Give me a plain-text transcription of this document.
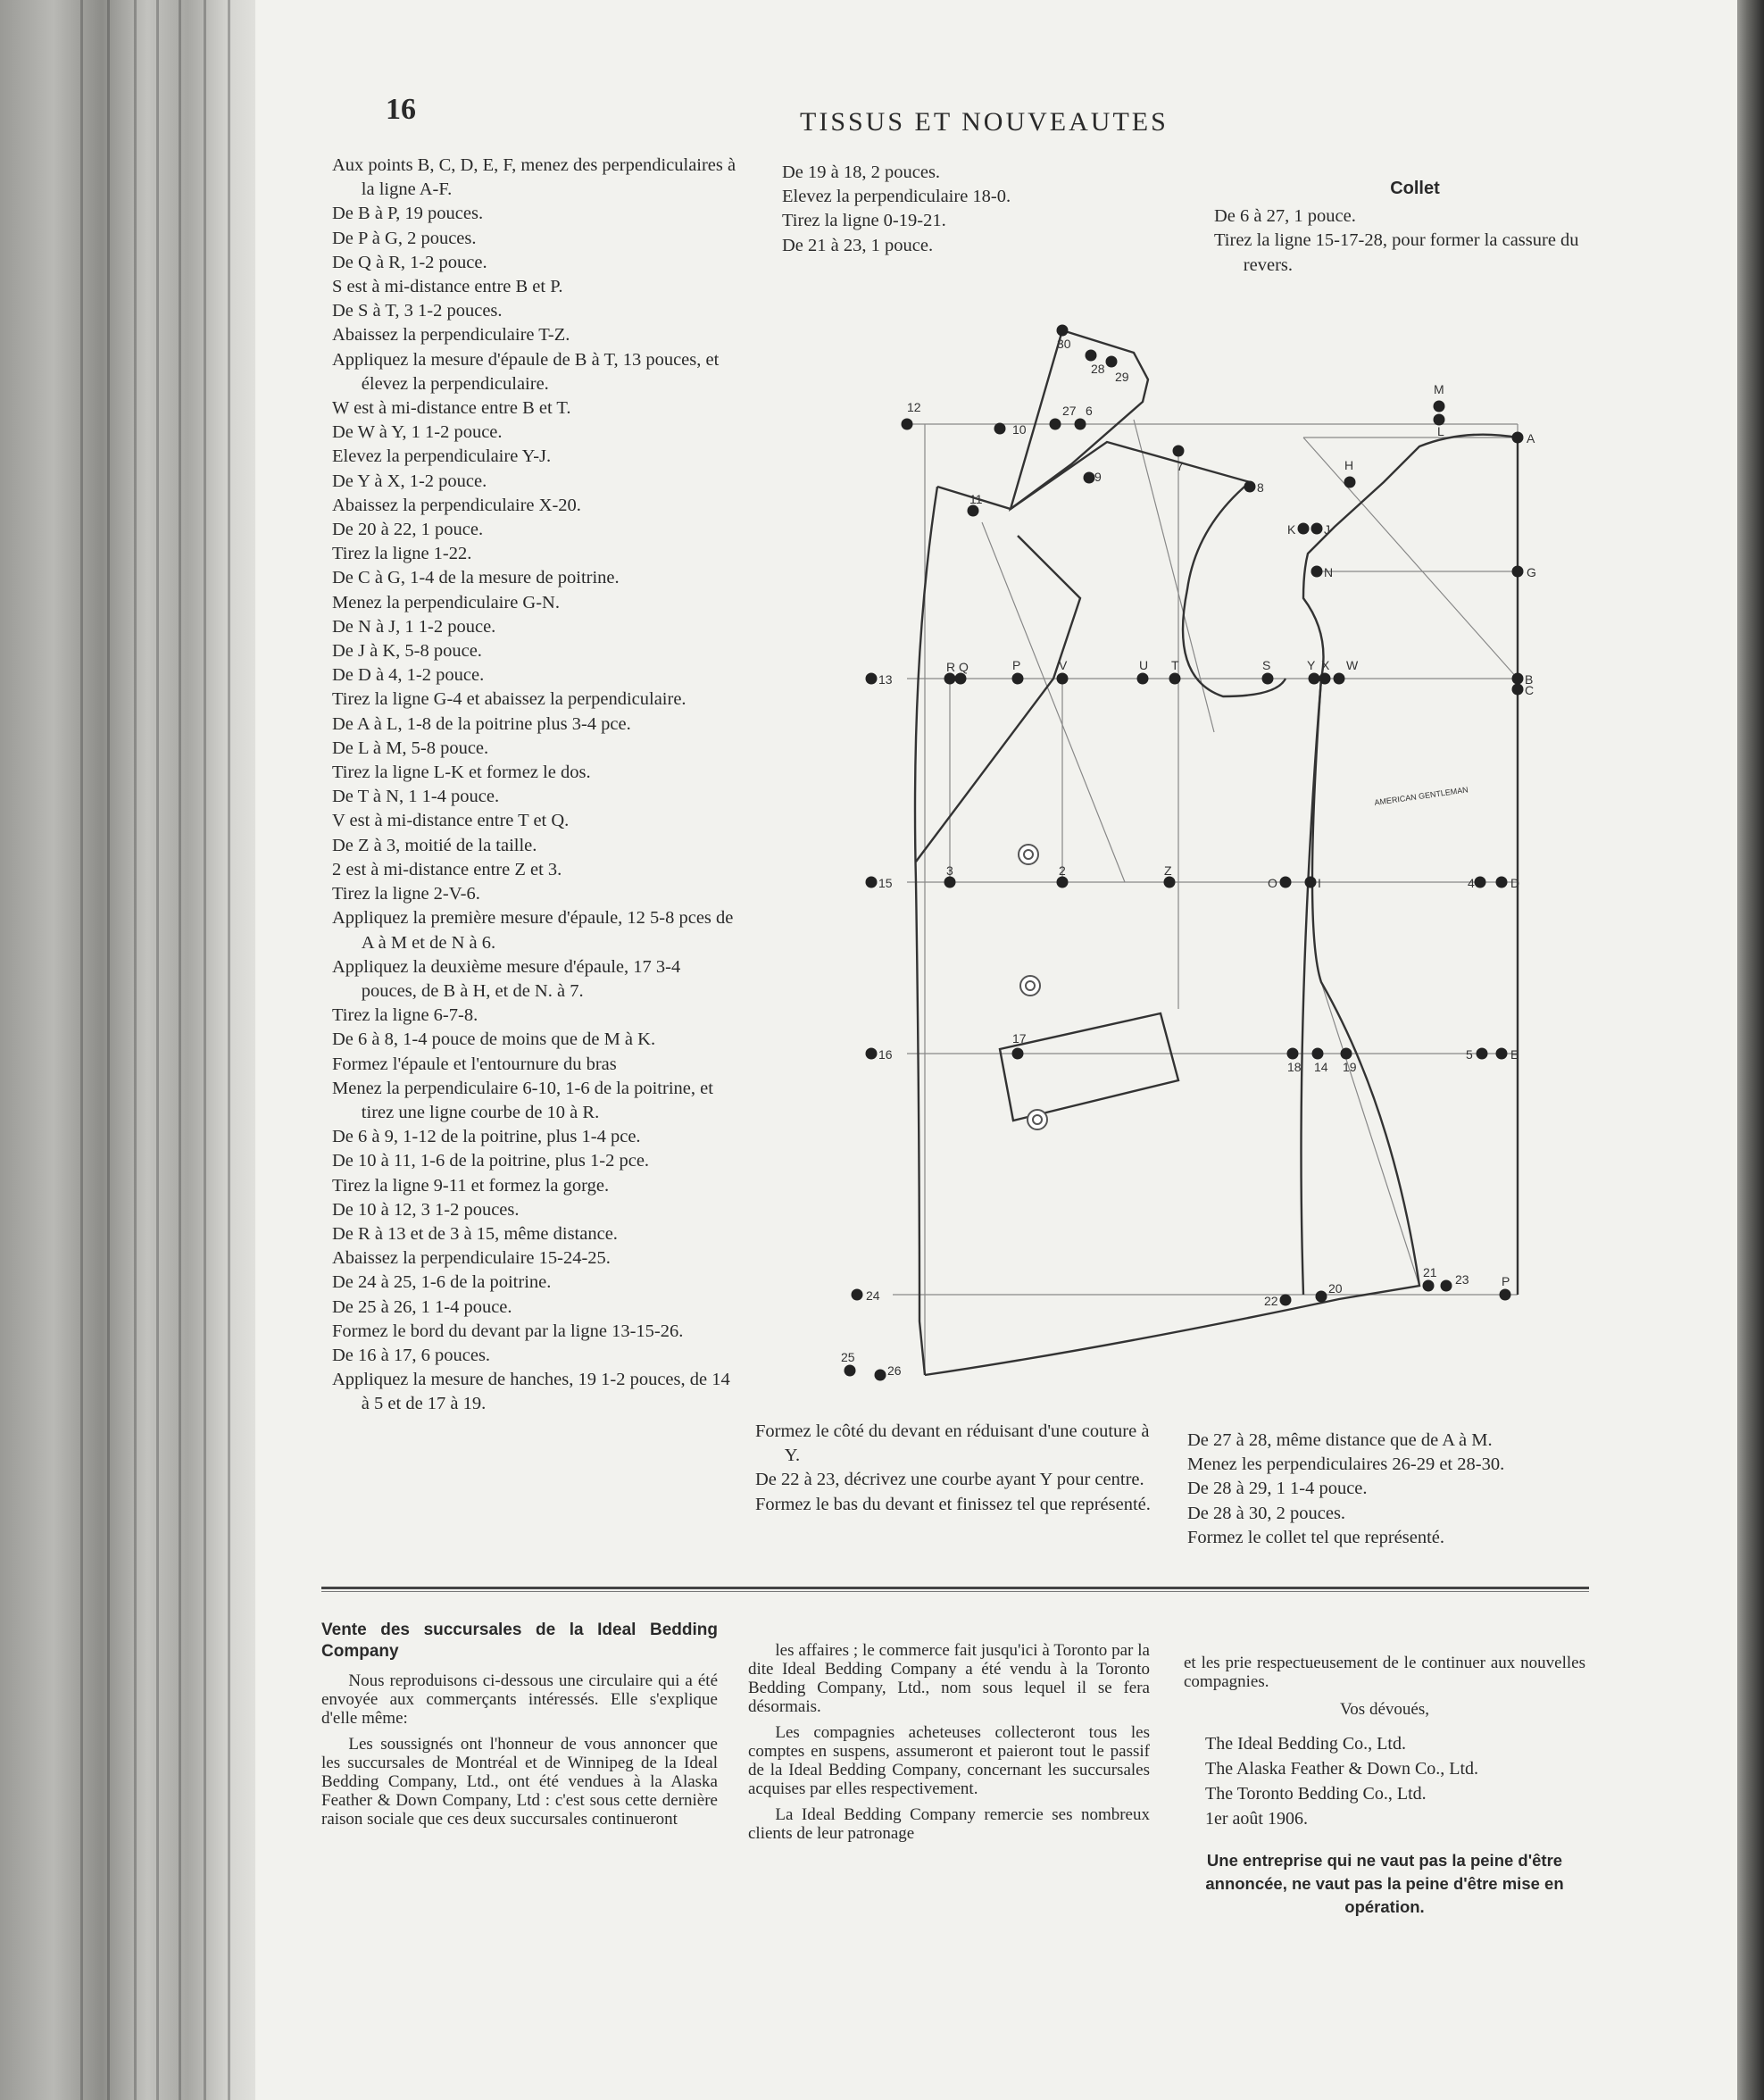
16	TISSUS ET NOUVEAUTES

Aux points B, C, D, E, F, menez des perpendiculaires à la ligne A-F.

De B à P, 19 pouces.

De P à G, 2 pouces.

De Q à R, 1-2 pouce.

S est à mi-distance entre B et P.

De S à T, 3 1-2 pouces.

Abaissez la perpendiculaire T-Z.

Appliquez la mesure d'épaule de B à T, 13 pouces, et élevez la perpendiculaire.

W est à mi-distance entre B et T.

De W à Y, 1 1-2 pouce.

Elevez la perpendiculaire Y-J.

De Y à X, 1-2 pouce.

Abaissez la perpendiculaire X-20.

De 20 à 22, 1 pouce.

Tirez la ligne 1-22.

De C à G, 1-4 de la mesure de poitrine.

Menez la perpendiculaire G-N.

De N à J, 1 1-2 pouce.

De J à K, 5-8 pouce.

De D à 4, 1-2 pouce.

Tirez la ligne G-4 et abaissez la perpendiculaire.

De A à L, 1-8 de la poitrine plus 3-4 pce.

De L à M, 5-8 pouce.

Tirez la ligne L-K et formez le dos.

De T à N, 1 1-4 pouce.

V est à mi-distance entre T et Q.

De Z à 3, moitié de la taille.

2 est à mi-distance entre Z et 3.

Tirez la ligne 2-V-6.

Appliquez la première mesure d'épaule, 12 5-8 pces de A à M et de N à 6.

Appliquez la deuxième mesure d'épaule, 17 3-4 pouces, de B à H, et de N. à 7.

Tirez la ligne 6-7-8.

De 6 à 8, 1-4 pouce de moins que de M à K.

Formez l'épaule et l'entournure du bras

Menez la perpendiculaire 6-10, 1-6 de la poitrine, et tirez une ligne courbe de 10 à R.

De 6 à 9, 1-12 de la poitrine, plus 1-4 pce.

De 10 à 11, 1-6 de la poitrine, plus 1-2 pce.

Tirez la ligne 9-11 et formez la gorge.

De 10 à 12, 3 1-2 pouces.

De R à 13 et de 3 à 15, même distance.

Abaissez la perpendiculaire 15-24-25.

De 24 à 25, 1-6 de la poitrine.

De 25 à 26, 1 1-4 pouce.

Formez le bord du devant par la ligne 13-15-26.

De 16 à 17, 6 pouces.

Appliquez la mesure de hanches, 19 1-2 pouces, de 14 à 5 et de 17 à 19.

De 19 à 18, 2 pouces.

Elevez la perpendiculaire 18-0.

Tirez la ligne 0-19-21.

De 21 à 23, 1 pouce.

Collet

De 6 à 27, 1 pouce.

Tirez la ligne 15-17-28, pour former la cassure du revers.

30
28
29
12
10
27 6
9
7
8
11
M
L	A
H
K J
N	G
13
R Q	P	V	U T	S	Y X W
B
C
15
3	2	Z
O	I	4	D
16
17
18 14 19
5	E
21 23	P
24	22
20
25
26
AMERICAN GENTLEMAN

Formez le côté du devant en réduisant d'une couture à Y.

De 22 à 23, décrivez une courbe ayant Y pour centre.

Formez le bas du devant et finissez tel que représenté.

De 27 à 28, même distance que de A à M.

Menez les perpendiculaires 26-29 et 28-30.

De 28 à 29, 1 1-4 pouce.

De 28 à 30, 2 pouces.

Formez le collet tel que représenté.

Vente des succursales de la Ideal Bedding Company

Nous reproduisons ci-dessous une circulaire qui a été envoyée aux commerçants intéressés. Elle s'explique d'elle même:

Les soussignés ont l'honneur de vous annoncer que les succursales de Montréal et de Winnipeg de la Ideal Bedding Company, Ltd., ont été vendues à la Alaska Feather & Down Company, Ltd : c'est sous cette dernière raison sociale que ces deux succursales continueront

les affaires ; le commerce fait jusqu'ici à Toronto par la dite Ideal Bedding Company a été vendu à la Toronto Bedding Company, Ltd., nom sous lequel il se fera désormais.

Les compagnies acheteuses collecteront tous les comptes en suspens, assumeront et paieront tout le passif de la Ideal Bedding Company, concernant les succursales acquises par elles respectivement.

La Ideal Bedding Company remercie ses nombreux clients de leur patronage

et les prie respectueusement de le continuer aux nouvelles compagnies.

Vos dévoués,

The Ideal Bedding Co., Ltd.

The Alaska Feather & Down Co., Ltd.

The Toronto Bedding Co., Ltd.

1er août 1906.

Une entreprise qui ne vaut pas la peine d'être annoncée, ne vaut pas la peine d'être mise en opération.
